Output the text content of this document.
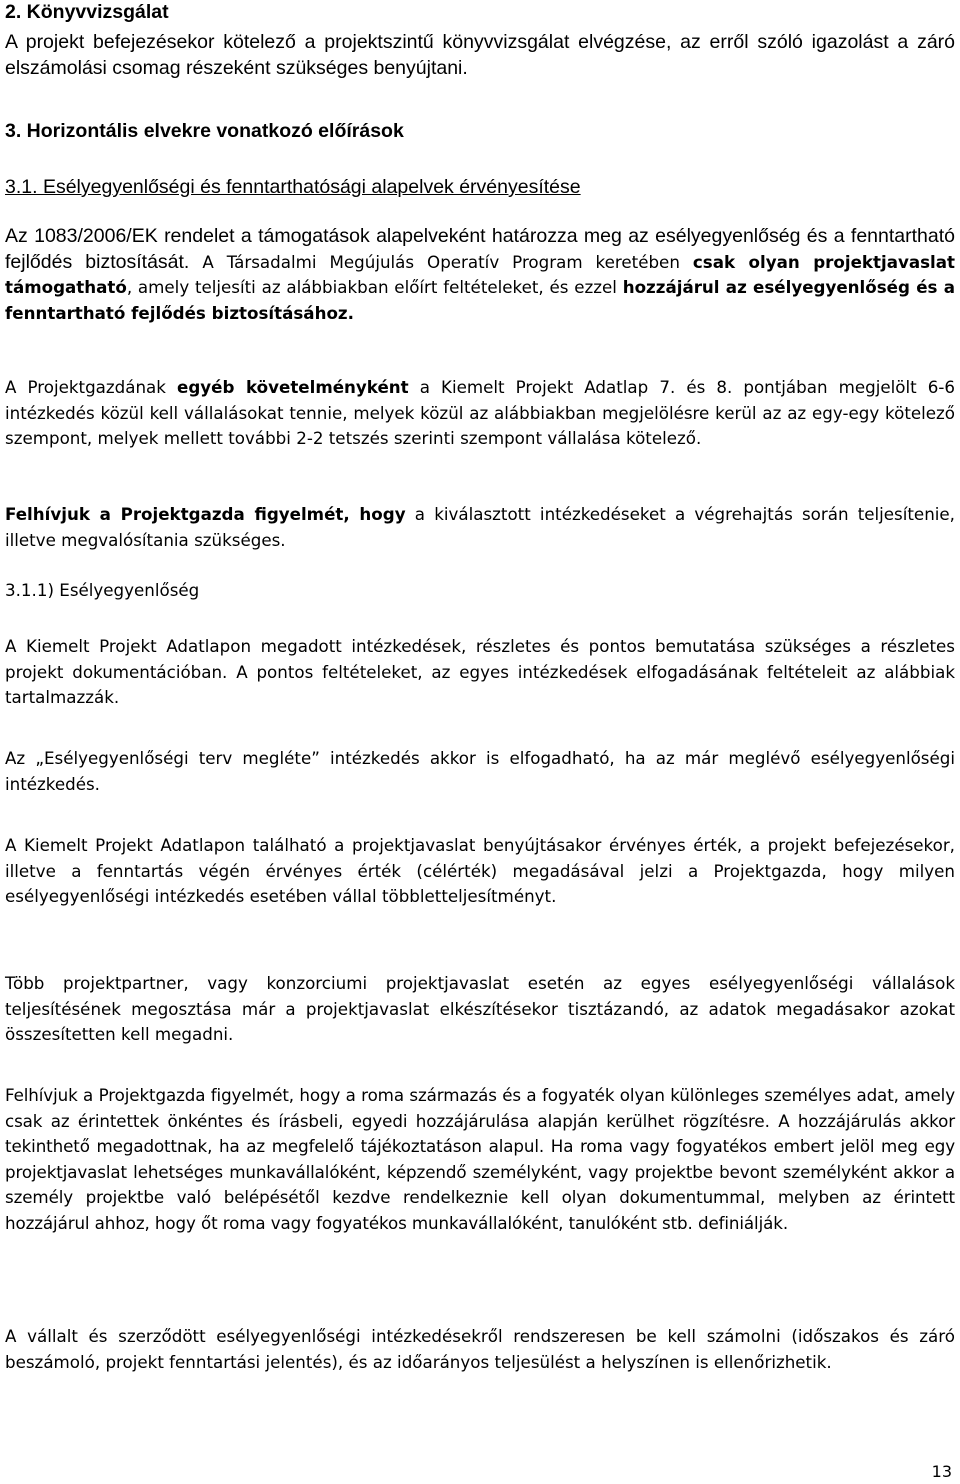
2. Könyvvizsgálat

A projekt befejezésekor kötelező a projektszintű könyvvizsgálat elvégzése, az erről szóló igazolást a záró elszámolási csomag részeként szükséges benyújtani.

3. Horizontális elvekre vonatkozó előírások

3.1. Esélyegyenlőségi és fenntarthatósági alapelvek érvényesítése

Az 1083/2006/EK rendelet a támogatások alapelveként határozza meg az esélyegyenlőség és a fenntartható fejlődés biztosítását. A Társadalmi Megújulás Operatív Program keretében csak olyan projektjavaslat támogatható, amely teljesíti az alábbiakban előírt feltételeket, és ezzel hozzájárul az esélyegyenlőség és a fenntartható fejlődés biztosításához.

A Projektgazdának egyéb követelményként a Kiemelt Projekt Adatlap 7. és 8. pontjában megjelölt 6-6 intézkedés közül kell vállalásokat tennie, melyek közül az alábbiakban megjelölésre kerül az az egy-egy kötelező szempont, melyek mellett további 2-2 tetszés szerinti szempont vállalása kötelező.

Felhívjuk a Projektgazda figyelmét, hogy a kiválasztott intézkedéseket a végrehajtás során teljesítenie, illetve megvalósítania szükséges.

3.1.1) Esélyegyenlőség

A Kiemelt Projekt Adatlapon megadott intézkedések, részletes és pontos bemutatása szükséges a részletes projekt dokumentációban. A pontos feltételeket, az egyes intézkedések elfogadásának feltételeit az alábbiak tartalmazzák.

Az „Esélyegyenlőségi terv megléte” intézkedés akkor is elfogadható, ha az már meglévő esélyegyenlőségi intézkedés.

A Kiemelt Projekt Adatlapon található a projektjavaslat benyújtásakor érvényes érték, a projekt befejezésekor, illetve a fenntartás végén érvényes érték (célérték) megadásával jelzi a Projektgazda, hogy milyen esélyegyenlőségi intézkedés esetében vállal többletteljesítményt.

Több projektpartner, vagy konzorciumi projektjavaslat esetén az egyes esélyegyenlőségi vállalások teljesítésének megosztása már a projektjavaslat elkészítésekor tisztázandó, az adatok megadásakor azokat összesítetten kell megadni.

Felhívjuk a Projektgazda figyelmét, hogy a roma származás és a fogyaték olyan különleges személyes adat, amely csak az érintettek önkéntes és írásbeli, egyedi hozzájárulása alapján kerülhet rögzítésre. A hozzájárulás akkor tekinthető megadottnak, ha az megfelelő tájékoztatáson alapul. Ha roma vagy fogyatékos embert jelöl meg egy projektjavaslat lehetséges munkavállalóként, képzendő személyként, vagy projektbe bevont személyként akkor a személy projektbe való belépésétől kezdve rendelkeznie kell olyan dokumentummal, melyben az érintett hozzájárul ahhoz, hogy őt roma vagy fogyatékos munkavállalóként, tanulóként stb. definiálják.

A vállalt és szerződött esélyegyenlőségi intézkedésekről rendszeresen be kell számolni (időszakos és záró beszámoló, projekt fenntartási jelentés), és az időarányos teljesülést a helyszínen is ellenőrizhetik.

13
